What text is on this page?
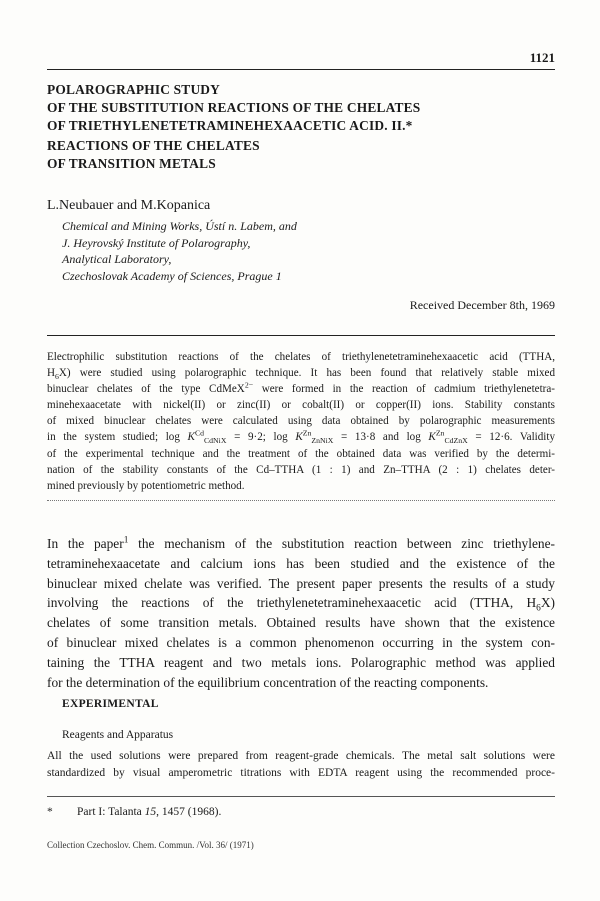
1121
POLAROGRAPHIC STUDY
OF THE SUBSTITUTION REACTIONS OF THE CHELATES
OF TRIETHYLENETETRAMINEHEXAACETIC ACID. II.*
REACTIONS OF THE CHELATES
OF TRANSITION METALS
L.Neubauer and M.Kopanica
Chemical and Mining Works, Ústí n. Labem, and
J. Heyrovský Institute of Polarography,
Analytical Laboratory,
Czechoslovak Academy of Sciences, Prague 1
Received December 8th, 1969
Electrophilic substitution reactions of the chelates of triethylenetetraminehexaacetic acid (TTHA,
$H_6X$) were studied using polarographic technique. It has been found that relatively stable mixed
binuclear chelates of the type CdMeX$^{2-}$ were formed in the reaction of cadmium triethylenetetra-
minehexaacetate with nickel(II) or zinc(II) or cobalt(II) or copper(II) ions. Stability constants
of mixed binuclear chelates were calculated using data obtained by polarographic measurements
in the system studied; $\log K^{Cd}_{CdNiX} = 9\cdot 2$; $\log K^{Zn}_{ZnNiX} = 13\cdot 8$ and $\log K^{Zn}_{CdZnX} = 12\cdot 6$. Validity
of the experimental technique and the treatment of the obtained data was verified by the determi-
nation of the stability constants of the Cd–TTHA (1 : 1) and Zn–TTHA (2 : 1) chelates deter-
mined previously by potentiometric method.
In the paper$^1$ the mechanism of the substitution reaction between zinc triethylene-
tetraminehexaacetate and calcium ions has been studied and the existence of the
binuclear mixed chelate was verified. The present paper presents the results of a study
involving the reactions of the triethylenetetraminehexaacetic acid (TTHA, $H_6X$)
chelates of some transition metals. Obtained results have shown that the existence
of binuclear mixed chelates is a common phenomenon occurring in the system con-
taining the TTHA reagent and two metals ions. Polarographic method was applied
for the determination of the equilibrium concentration of the reacting components.
EXPERIMENTAL
Reagents and Apparatus
All the used solutions were prepared from reagent-grade chemicals. The metal salt solutions were
standardized by visual amperometric titrations with EDTA reagent using the recommended proce-
* Part I: Talanta 15, 1457 (1968).
Collection Czechoslov. Chem. Commun. /Vol. 36/ (1971)
